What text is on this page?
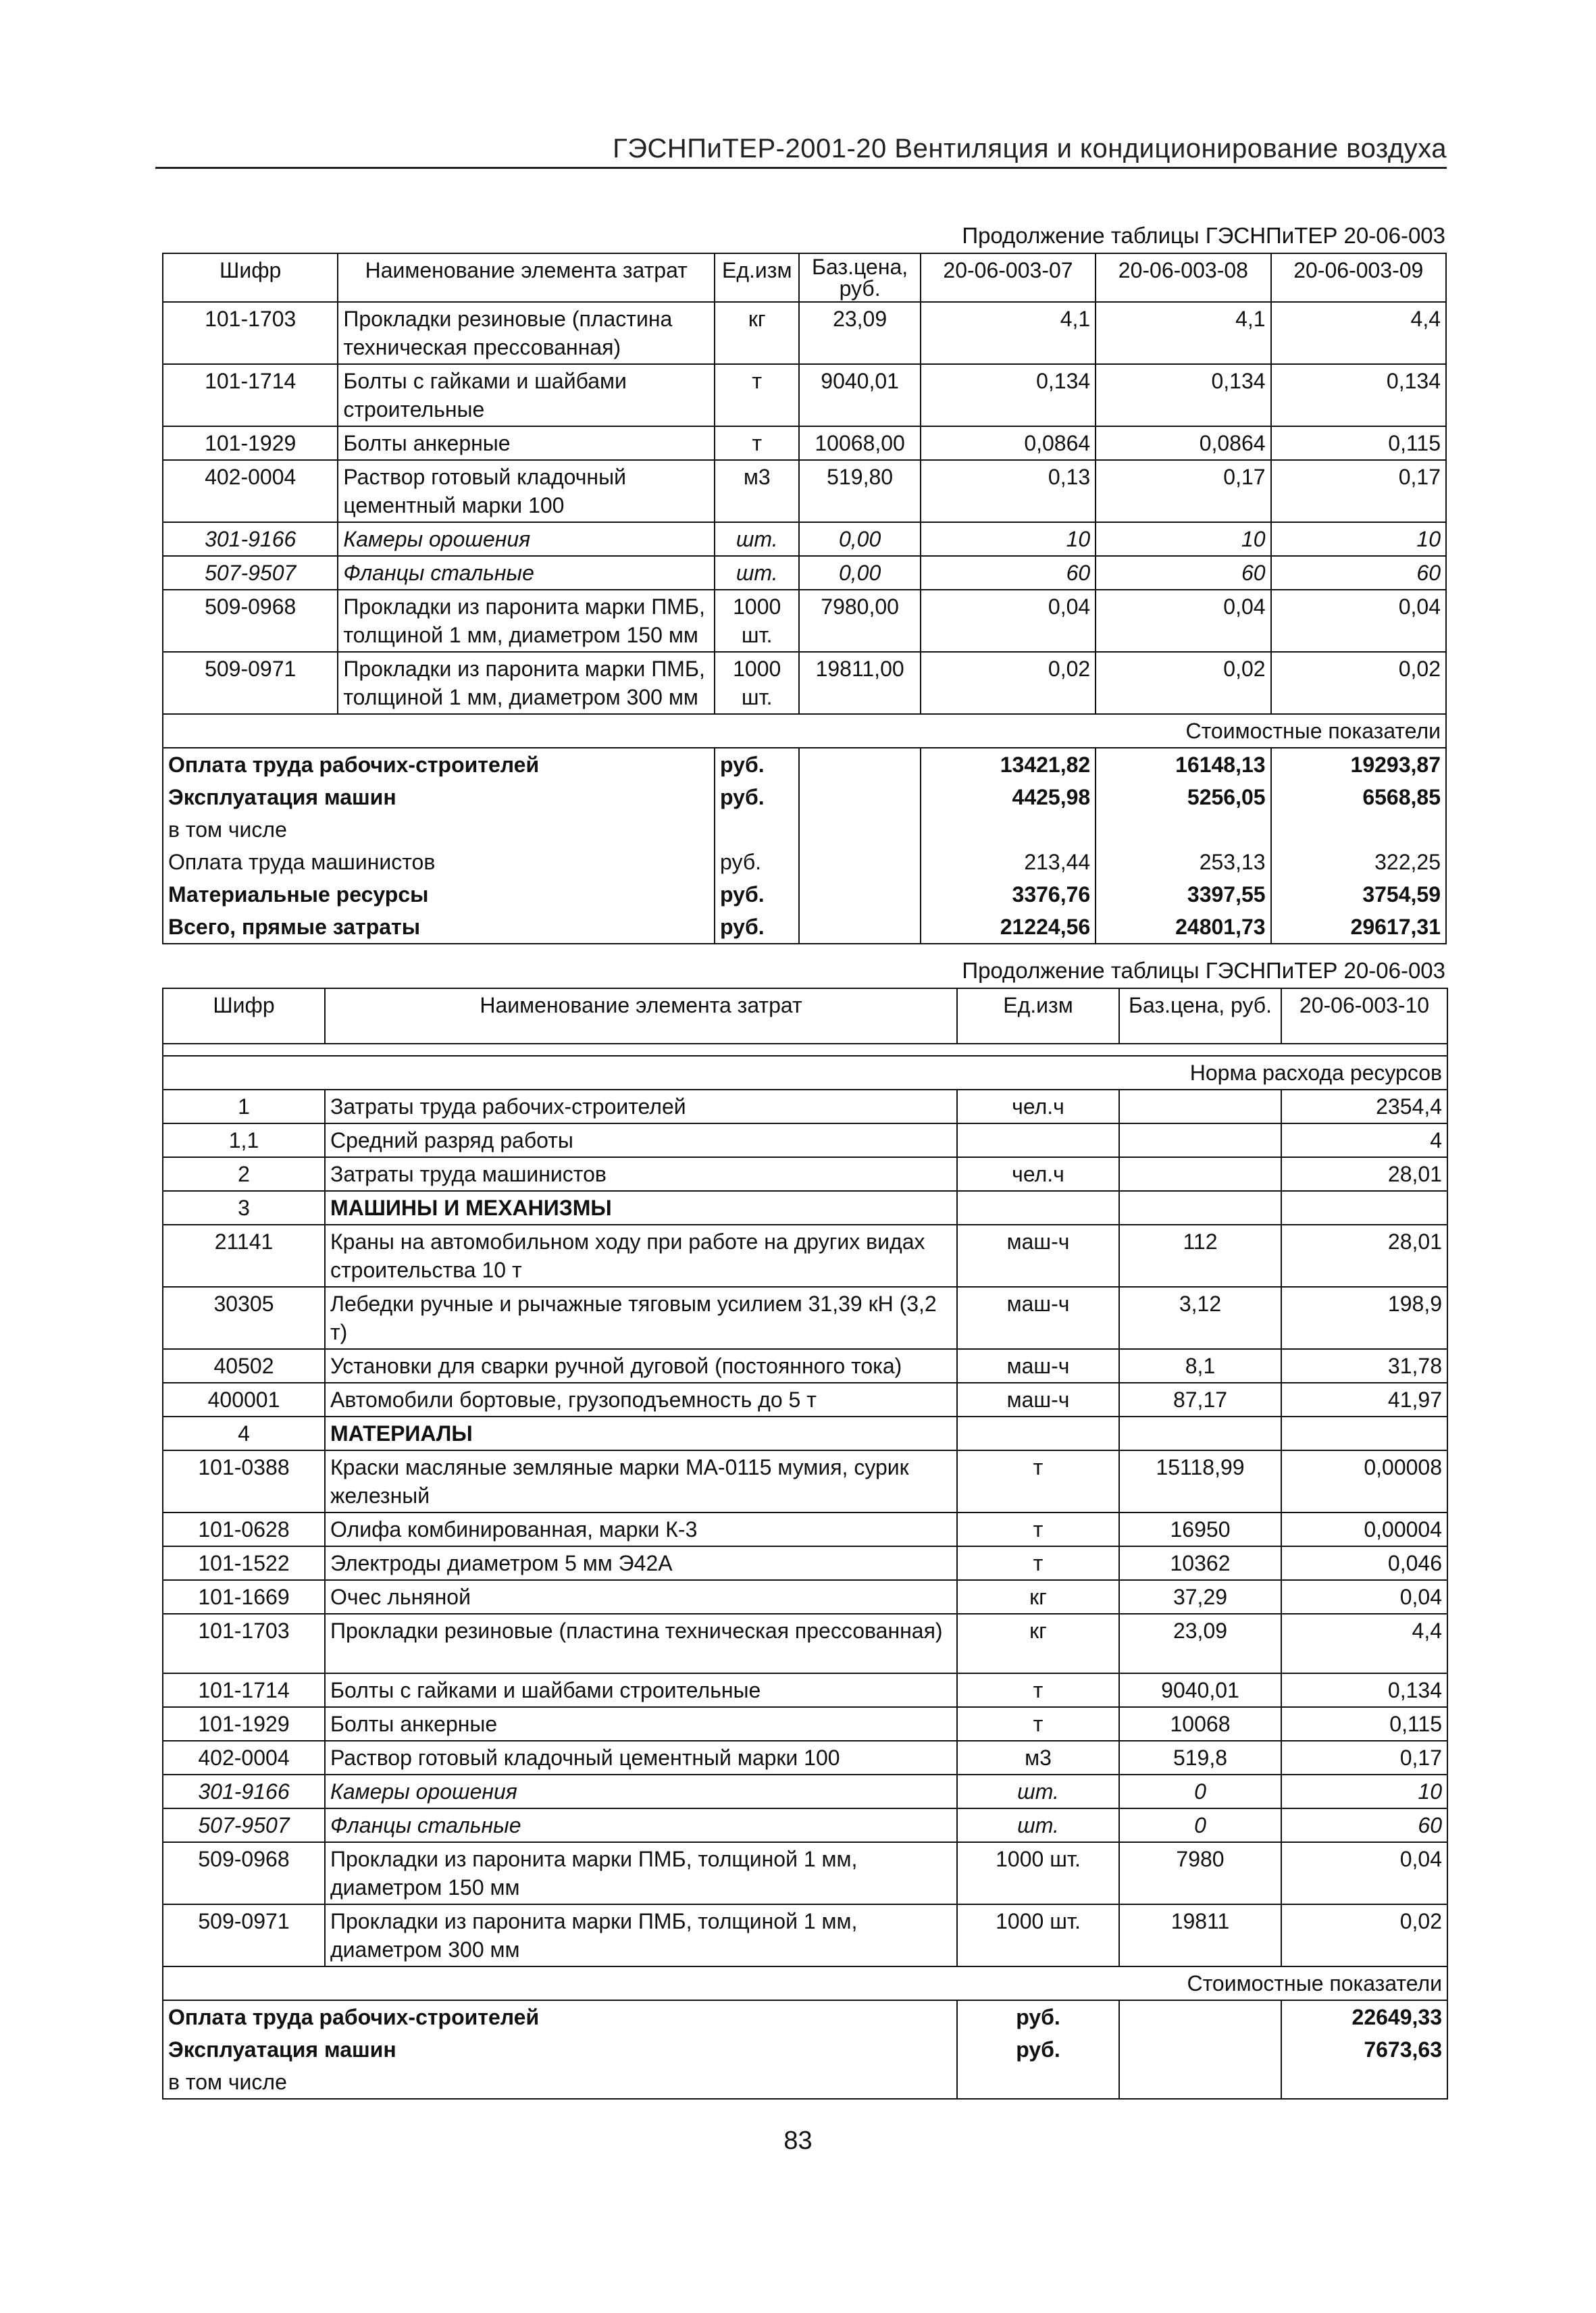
ГЭСНПиТЕР-2001-20 Вентиляция и кондиционирование воздуха
Продолжение таблицы ГЭСНПиТЕР 20-06-003
Шифр	Наименование элемента затрат	Ед.изм	Баз.цена, руб.	20-06-003-07	20-06-003-08	20-06-003-09
101-1703	Прокладки резиновые (пластина техническая прессованная)	кг	23,09	4,1	4,1	4,4
101-1714	Болты с гайками и шайбами строительные	т	9040,01	0,134	0,134	0,134
101-1929	Болты анкерные	т	10068,00	0,0864	0,0864	0,115
402-0004	Раствор готовый кладочный цементный марки 100	м3	519,80	0,13	0,17	0,17
301-9166	Камеры орошения	шт.	0,00	10	10	10
507-9507	Фланцы стальные	шт.	0,00	60	60	60
509-0968	Прокладки из паронита марки ПМБ, толщиной 1 мм, диаметром 150 мм	1000 шт.	7980,00	0,04	0,04	0,04
509-0971	Прокладки из паронита марки ПМБ, толщиной 1 мм, диаметром 300 мм	1000 шт.	19811,00	0,02	0,02	0,02
Стоимостные показатели						
Оплата труда рабочих-строителей		руб.		13421,82	16148,13	19293,87
Эксплуатация машин		руб.		4425,98	5256,05	6568,85
в том числе						
Оплата труда машинистов		руб.		213,44	253,13	322,25
Материальные ресурсы		руб.		3376,76	3397,55	3754,59
Всего, прямые затраты		руб.		21224,56	24801,73	29617,31
Продолжение таблицы ГЭСНПиТЕР 20-06-003
Шифр	Наименование элемента затрат	Ед.изм	Баз.цена, руб.	20-06-003-10

Норма расхода ресурсов				
1	Затраты труда рабочих-строителей	чел.ч		2354,4
1,1	Средний разряд работы			4
2	Затраты труда машинистов	чел.ч		28,01
3	МАШИНЫ И МЕХАНИЗМЫ			
21141	Краны на автомобильном ходу при работе на других видах строительства 10 т	маш-ч	112	28,01
30305	Лебедки ручные и рычажные тяговым усилием 31,39 кН (3,2 т)	маш-ч	3,12	198,9
40502	Установки для сварки ручной дуговой (постоянного тока)	маш-ч	8,1	31,78
400001	Автомобили бортовые, грузоподъемность до 5 т	маш-ч	87,17	41,97
4	МАТЕРИАЛЫ			
101-0388	Краски масляные земляные марки МА-0115 мумия, сурик железный	т	15118,99	0,00008
101-0628	Олифа комбинированная, марки К-3	т	16950	0,00004
101-1522	Электроды диаметром 5 мм Э42А	т	10362	0,046
101-1669	Очес льняной	кг	37,29	0,04
101-1703	Прокладки резиновые (пластина техническая прессованная)	кг	23,09	4,4
101-1714	Болты с гайками и шайбами строительные	т	9040,01	0,134
101-1929	Болты анкерные	т	10068	0,115
402-0004	Раствор готовый кладочный цементный марки 100	м3	519,8	0,17
301-9166	Камеры орошения	шт.	0	10
507-9507	Фланцы стальные	шт.	0	60
509-0968	Прокладки из паронита марки ПМБ, толщиной 1 мм, диаметром 150 мм	1000 шт.	7980	0,04
509-0971	Прокладки из паронита марки ПМБ, толщиной 1 мм, диаметром 300 мм	1000 шт.	19811	0,02
Стоимостные показатели				
Оплата труда рабочих-строителей		руб.		22649,33
Эксплуатация машин		руб.		7673,63
в том числе				
83
